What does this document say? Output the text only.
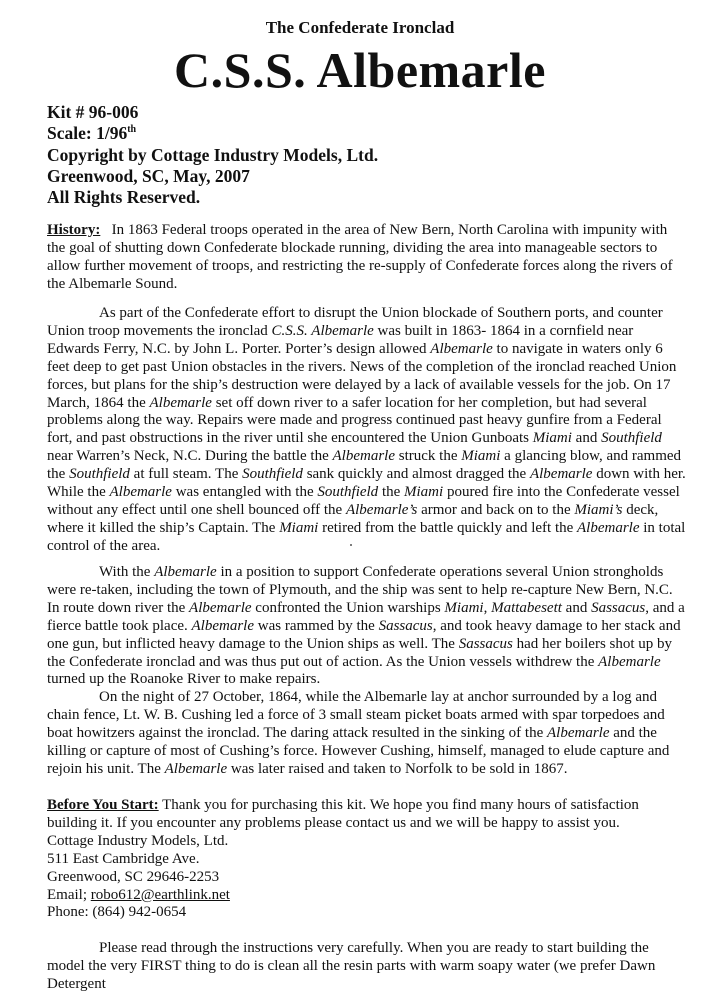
The Confederate Ironclad
C.S.S. Albemarle
Kit # 96-006
Scale: 1/96th
Copyright by Cottage Industry Models, Ltd.
Greenwood, SC, May, 2007
All Rights Reserved.

History: In 1863 Federal troops operated in the area of New Bern, North Carolina with impunity with the goal of shutting down Confederate blockade running, dividing the area into manageable sectors to allow further movement of troops, and restricting the re-supply of Confederate forces along the rivers of the Albemarle Sound.

As part of the Confederate effort to disrupt the Union blockade of Southern ports, and counter Union troop movements the ironclad C.S.S. Albemarle was built in 1863- 1864 in a cornfield near Edwards Ferry, N.C. by John L. Porter. Porter’s design allowed Albemarle to navigate in waters only 6 feet deep to get past Union obstacles in the rivers. News of the completion of the ironclad reached Union forces, but plans for the ship’s destruction were delayed by a lack of available vessels for the job. On 17 March, 1864 the Albemarle set off down river to a safer location for her completion, but had several problems along the way. Repairs were made and progress continued past heavy gunfire from a Federal fort, and past obstructions in the river until she encountered the Union Gunboats Miami and Southfield near Warren’s Neck, N.C. During the battle the Albemarle struck the Miami a glancing blow, and rammed the Southfield at full steam. The Southfield sank quickly and almost dragged the Albemarle down with her. While the Albemarle was entangled with the Southfield the Miami poured fire into the Confederate vessel without any effect until one shell bounced off the Albemarle’s armor and back on to the Miami’s deck, where it killed the ship’s Captain. The Miami retired from the battle quickly and left the Albemarle in total control of the area.

With the Albemarle in a position to support Confederate operations several Union strongholds were re-taken, including the town of Plymouth, and the ship was sent to help re-capture New Bern, N.C. In route down river the Albemarle confronted the Union warships Miami, Mattabesett and Sassacus, and a fierce battle took place. Albemarle was rammed by the Sassacus, and took heavy damage to her stack and one gun, but inflicted heavy damage to the Union ships as well. The Sassacus had her boilers shot up by the Confederate ironclad and was thus put out of action. As the Union vessels withdrew the Albemarle turned up the Roanoke River to make repairs.

On the night of 27 October, 1864, while the Albemarle lay at anchor surrounded by a log and chain fence, Lt. W. B. Cushing led a force of 3 small steam picket boats armed with spar torpedoes and boat howitzers against the ironclad. The daring attack resulted in the sinking of the Albemarle and the killing or capture of most of Cushing’s force. However Cushing, himself, managed to elude capture and rejoin his unit. The Albemarle was later raised and taken to Norfolk to be sold in 1867.

Before You Start: Thank you for purchasing this kit. We hope you find many hours of satisfaction building it. If you encounter any problems please contact us and we will be happy to assist you.

Cottage Industry Models, Ltd.
511 East Cambridge Ave.
Greenwood, SC 29646-2253
Email; robo612@earthlink.net
Phone: (864) 942-0654

Please read through the instructions very carefully. When you are ready to start building the model the very FIRST thing to do is clean all the resin parts with warm soapy water (we prefer Dawn Detergent
